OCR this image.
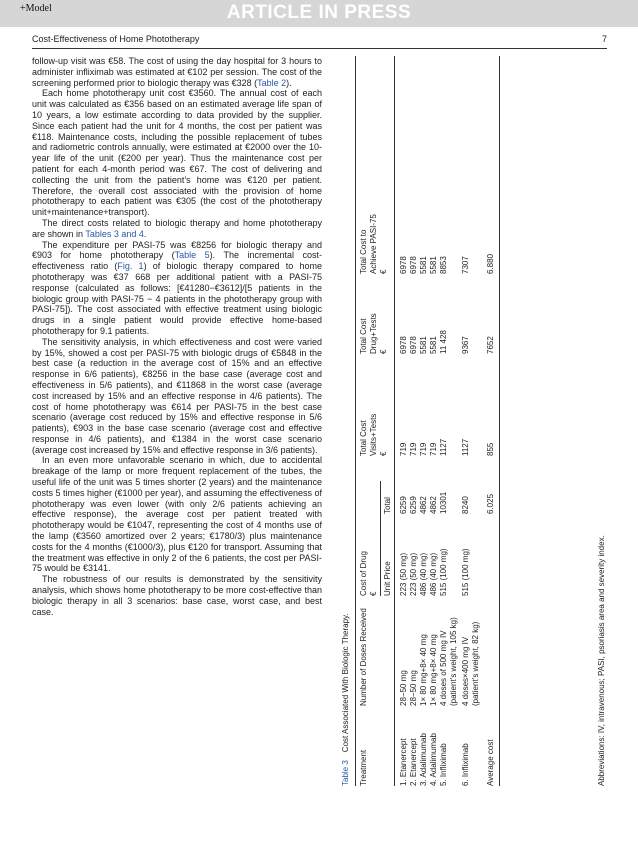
+Model	ARTICLE IN PRESS
Cost-Effectiveness of Home Phototherapy	7

follow-up visit was €58. The cost of using the day hospital for 3 hours to administer infliximab was estimated at €102 per session. The cost of the screening performed prior to biologic therapy was €328 (Table 2).

Each home phototherapy unit cost €3560. The annual cost of each unit was calculated as €356 based on an estimated average life span of 10 years, a low estimate according to data provided by the supplier. Since each patient had the unit for 4 months, the cost per patient was €118. Maintenance costs, including the possible replacement of tubes and radiometric controls annually, were estimated at €2000 over the 10-year life of the unit (€200 per year). Thus the maintenance cost per patient for each 4-month period was €67. The cost of delivering and collecting the unit from the patient’s home was €120 per patient. Therefore, the overall cost associated with the provision of home phototherapy to each patient was €305 (the cost of the phototherapy unit+maintenance+transport).

The direct costs related to biologic therapy and home phototherapy are shown in Tables 3 and 4.

The expenditure per PASI-75 was €8256 for biologic therapy and €903 for home phototherapy (Table 5). The incremental cost-effectiveness ratio (Fig. 1) of biologic therapy compared to home phototherapy was €37 668 per additional patient with a PASI-75 response (calculated as follows: [€41280−€3612]/[5 patients in the biologic group with PASI-75 − 4 patients in the phototherapy group with PASI-75]). The cost associated with effective treatment using biologic drugs in a single patient would provide effective home-based phototherapy for 9.1 patients.

The sensitivity analysis, in which effectiveness and cost were varied by 15%, showed a cost per PASI-75 with biologic drugs of €5848 in the best case (a reduction in the average cost of 15% and an effective response in 6/6 patients), €8256 in the base case (average cost and effectiveness in 5/6 patients), and €11868 in the worst case (average cost increased by 15% and an effective response in 4/6 patients). The cost of home phototherapy was €614 per PASI-75 in the best case scenario (average cost reduced by 15% and effective response in 5/6 patients), €903 in the base case scenario (average cost and effective response in 4/6 patients), and €1384 in the worst case scenario (average cost increased by 15% and effective response in 3/6 patients).

In an even more unfavorable scenario in which, due to accidental breakage of the lamp or more frequent replacement of the tubes, the useful life of the unit was 5 times shorter (2 years) and the maintenance costs 5 times higher (€1000 per year), and assuming the effectiveness of phototherapy was even lower (with only 2/6 patients achieving an effective response), the average cost per patient treated with phototherapy would be €1047, representing the cost of 4 months use of the lamp (€3560 amortized over 2 years; €1780/3) plus maintenance costs for the 4 months (€1000/3), plus €120 for transport. Assuming that the treatment was effective in only 2 of the 6 patients, the cost per PASI-75 would be €3141.

The robustness of our results is demonstrated by the sensitivity analysis, which shows home phototherapy to be more cost-effective than biologic therapy in all 3 scenarios: base case, worst case, and best case.

Table 3Cost Associated With Biologic Therapy.
Treatment
Number of Doses Received
Cost of Drug € Unit Price
Total
Total Cost Visits+Tests €
Total Cost Drug+Tests €
Total Cost to Achieve PASI-75 €
1. Etanercept
28−50 mg
223 (50 mg)
6259
719
6978
6978
2. Etanercept
28−50 mg
223 (50 mg)
6259
719
6978
6978
3. Adalimumab
1× 80 mg+8× 40 mg
486 (40 mg)
4862
719
5581
5581
4. Adalimumab
1× 80 mg+8× 40 mg
486 (40 mg)
4862
719
5581
5581
5. Infliximab
4 doses of 500 mg IV (patient’s weight, 105 kg)
515 (100 mg)
10301
1127
11 428
8853
6. Infliximab
4 doses×400 mg IV (patient’s weight, 82 kg)
515 (100 mg)
8240
1127
9367
7307
Average cost
6.025
855
7652
6.880
Abbreviations: IV, intravenous; PASI, psoriasis area and severity index.
